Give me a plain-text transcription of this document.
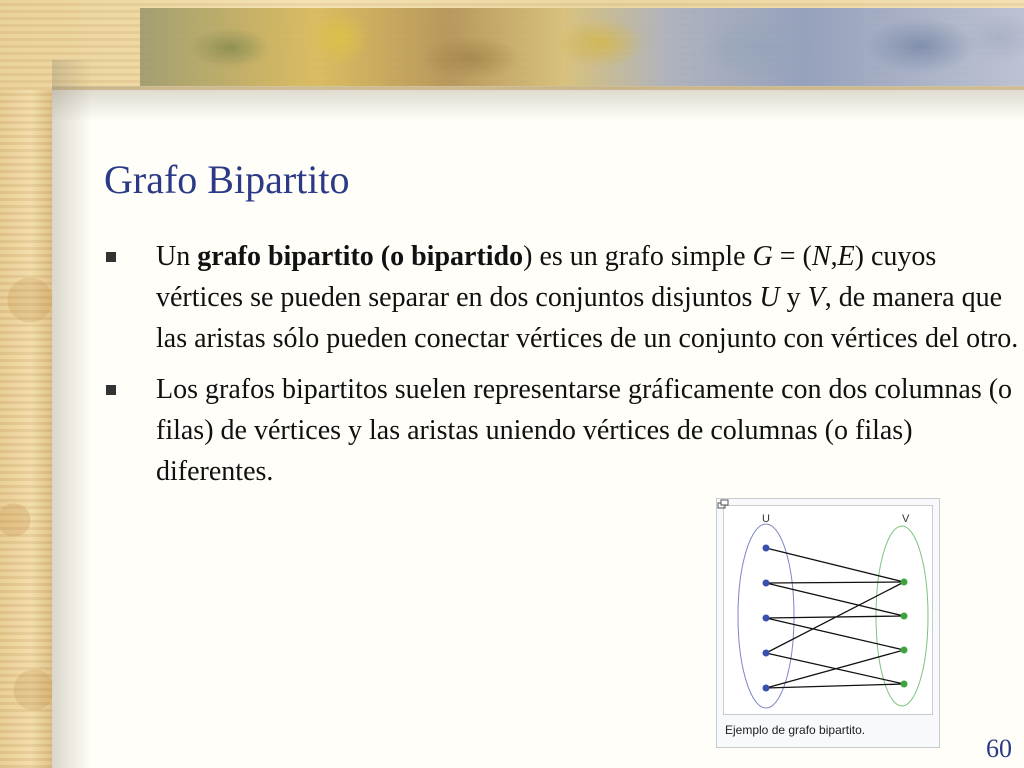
Grafo Bipartito
Un grafo bipartito (o bipartido) es un grafo simple G = (N,E) cuyos vértices se pueden separar en dos conjuntos disjuntos U y V, de manera que las aristas sólo pueden conectar vértices de un conjunto con vértices del otro.
Los grafos bipartitos suelen representarse gráficamente con dos columnas (o filas) de vértices y las aristas uniendo vértices de columnas (o filas) diferentes.
U	V
Ejemplo de grafo bipartito.
60
